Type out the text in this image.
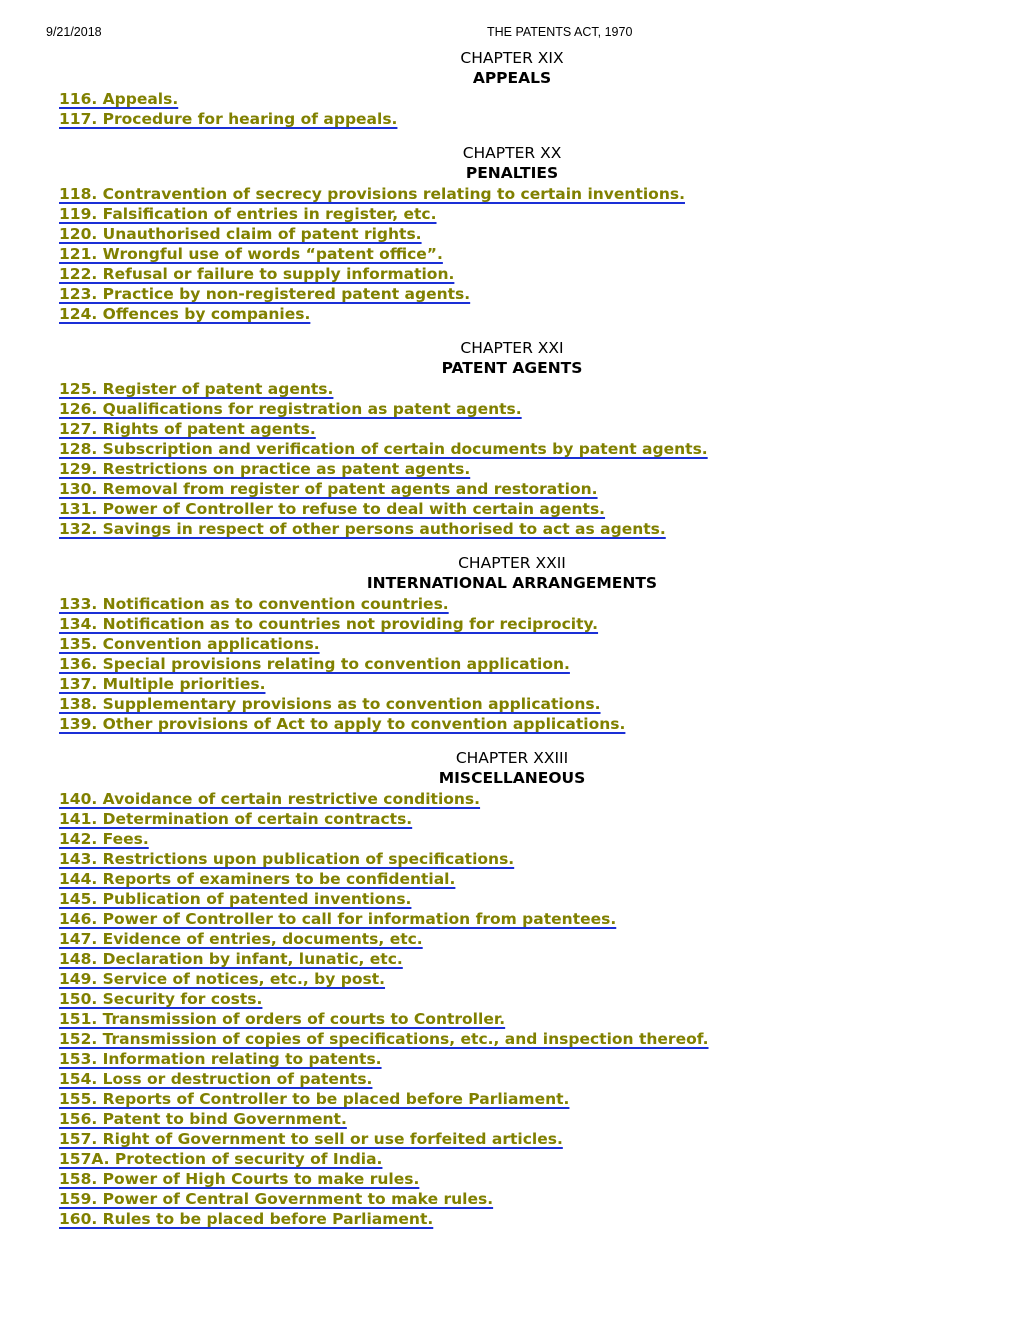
9/21/2018	THE PATENTS ACT, 1970
CHAPTER XIX
APPEALS
116. Appeals.
117. Procedure for hearing of appeals.
CHAPTER XX
PENALTIES
118. Contravention of secrecy provisions relating to certain inventions.
119. Falsification of entries in register, etc.
120. Unauthorised claim of patent rights.
121. Wrongful use of words “patent office”.
122. Refusal or failure to supply information.
123. Practice by non-registered patent agents.
124. Offences by companies.
CHAPTER XXI
PATENT AGENTS
125. Register of patent agents.
126. Qualifications for registration as patent agents.
127. Rights of patent agents.
128. Subscription and verification of certain documents by patent agents.
129. Restrictions on practice as patent agents.
130. Removal from register of patent agents and restoration.
131. Power of Controller to refuse to deal with certain agents.
132. Savings in respect of other persons authorised to act as agents.
CHAPTER XXII
INTERNATIONAL ARRANGEMENTS
133. Notification as to convention countries.
134. Notification as to countries not providing for reciprocity.
135. Convention applications.
136. Special provisions relating to convention application.
137. Multiple priorities.
138. Supplementary provisions as to convention applications.
139. Other provisions of Act to apply to convention applications.
CHAPTER XXIII
MISCELLANEOUS
140. Avoidance of certain restrictive conditions.
141. Determination of certain contracts.
142. Fees.
143. Restrictions upon publication of specifications.
144. Reports of examiners to be confidential.
145. Publication of patented inventions.
146. Power of Controller to call for information from patentees.
147. Evidence of entries, documents, etc.
148. Declaration by infant, lunatic, etc.
149. Service of notices, etc., by post.
150. Security for costs.
151. Transmission of orders of courts to Controller.
152. Transmission of copies of specifications, etc., and inspection thereof.
153. Information relating to patents.
154. Loss or destruction of patents.
155. Reports of Controller to be placed before Parliament.
156. Patent to bind Government.
157. Right of Government to sell or use forfeited articles.
157A. Protection of security of India.
158. Power of High Courts to make rules.
159. Power of Central Government to make rules.
160. Rules to be placed before Parliament.
